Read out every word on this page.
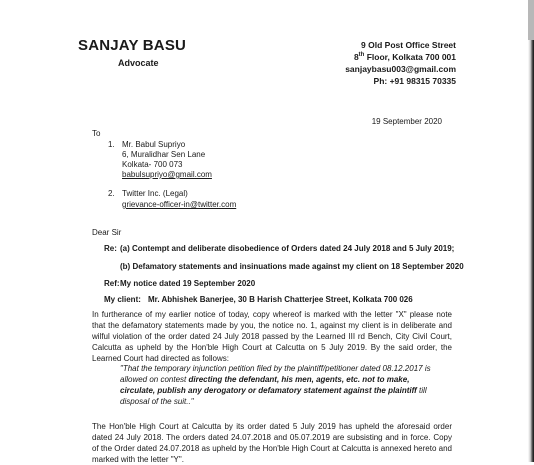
SANJAY BASU
Advocate
9 Old Post Office Street
8th Floor, Kolkata 700 001
sanjaybasu003@gmail.com
Ph: +91 98315 70335
19 September 2020
To
1. Mr. Babul Supriyo
6, Muralidhar Sen Lane
Kolkata- 700 073
babulsupriyo@gmail.com
2. Twitter Inc. (Legal)
grievance-officer-in@twitter.com
Dear Sir
Re: (a) Contempt and deliberate disobedience of Orders dated 24 July 2018 and 5 July 2019;
(b) Defamatory statements and insinuations made against my client on 18 September 2020
Ref: My notice dated 19 September 2020
My client: Mr. Abhishek Banerjee, 30 B Harish Chatterjee Street, Kolkata 700 026
In furtherance of my earlier notice of today, copy whereof is marked with the letter "X" please note that the defamatory statements made by you, the notice no. 1, against my client is in deliberate and wilful violation of the order dated 24 July 2018 passed by the Learned III rd Bench, City Civil Court, Calcutta as upheld by the Hon'ble High Court at Calcutta on 5 July 2019. By the said order, the Learned Court had directed as follows:
"That the temporary injunction petition filed by the plaintiff/petitioner dated 08.12.2017 is allowed on contest directing the defendant, his men, agents, etc. not to make, circulate, publish any derogatory or defamatory statement against the plaintiff till disposal of the suit.."
The Hon'ble High Court at Calcutta by its order dated 5 July 2019 has upheld the aforesaid order dated 24 July 2018. The orders dated 24.07.2018 and 05.07.2019 are subsisting and in force. Copy of the Order dated 24.07.2018 as upheld by the Hon'ble High Court at Calcutta is annexed hereto and marked with the letter "Y".
